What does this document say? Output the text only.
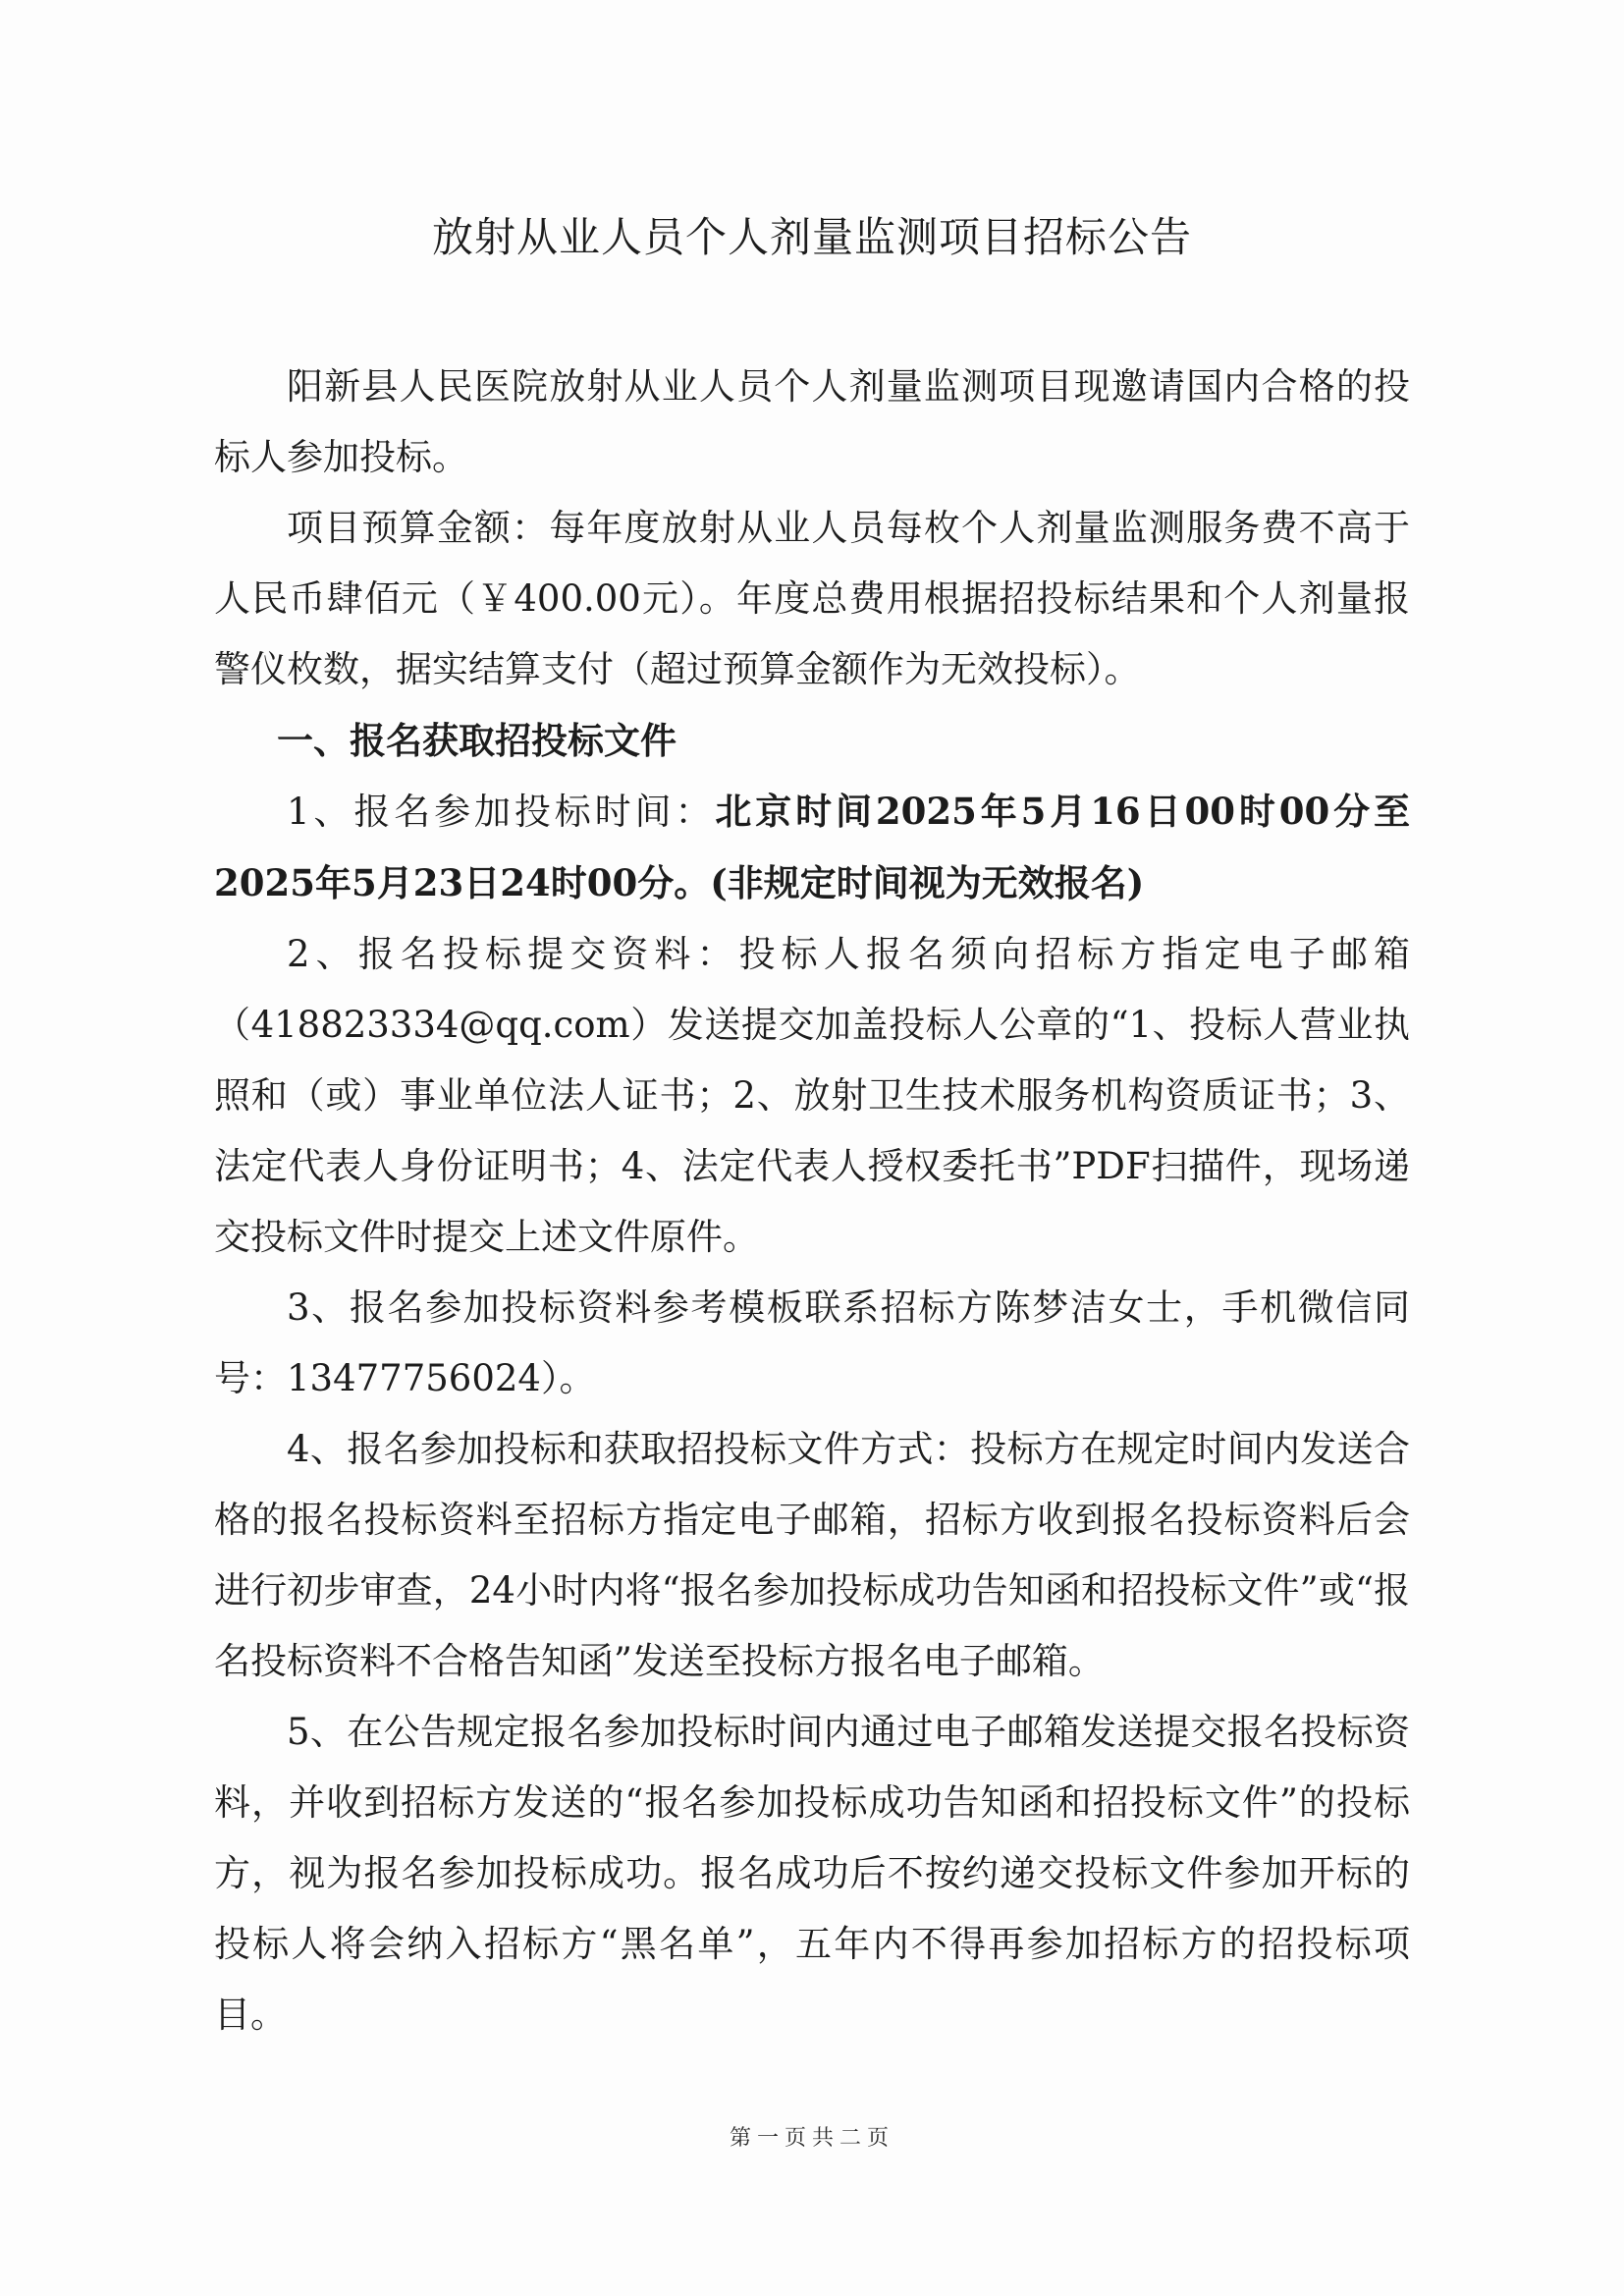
放射从业人员个人剂量监测项目招标公告

阳新县人民医院放射从业人员个人剂量监测项目现邀请国内合格的投标人参加投标。

项目预算金额：每年度放射从业人员每枚个人剂量监测服务费不高于人民币肆佰元（￥400.00元）。年度总费用根据招投标结果和个人剂量报警仪枚数，据实结算支付（超过预算金额作为无效投标）。

一、报名获取招投标文件

1、报名参加投标时间：北京时间2025年5月16日00时00分至2025年5月23日24时00分。(非规定时间视为无效报名)

2、报名投标提交资料：投标人报名须向招标方指定电子邮箱（418823334@qq.com）发送提交加盖投标人公章的“1、投标人营业执照和（或）事业单位法人证书；2、放射卫生技术服务机构资质证书；3、法定代表人身份证明书；4、法定代表人授权委托书”PDF扫描件，现场递交投标文件时提交上述文件原件。

3、报名参加投标资料参考模板联系招标方陈梦洁女士，手机微信同号：13477756024）。

4、报名参加投标和获取招投标文件方式：投标方在规定时间内发送合格的报名投标资料至招标方指定电子邮箱，招标方收到报名投标资料后会进行初步审查，24小时内将“报名参加投标成功告知函和招投标文件”或“报名投标资料不合格告知函”发送至投标方报名电子邮箱。

5、在公告规定报名参加投标时间内通过电子邮箱发送提交报名投标资料，并收到招标方发送的“报名参加投标成功告知函和招投标文件”的投标方，视为报名参加投标成功。报名成功后不按约递交投标文件参加开标的投标人将会纳入招标方“黑名单”，五年内不得再参加招标方的招投标项目。

第一页共二页
